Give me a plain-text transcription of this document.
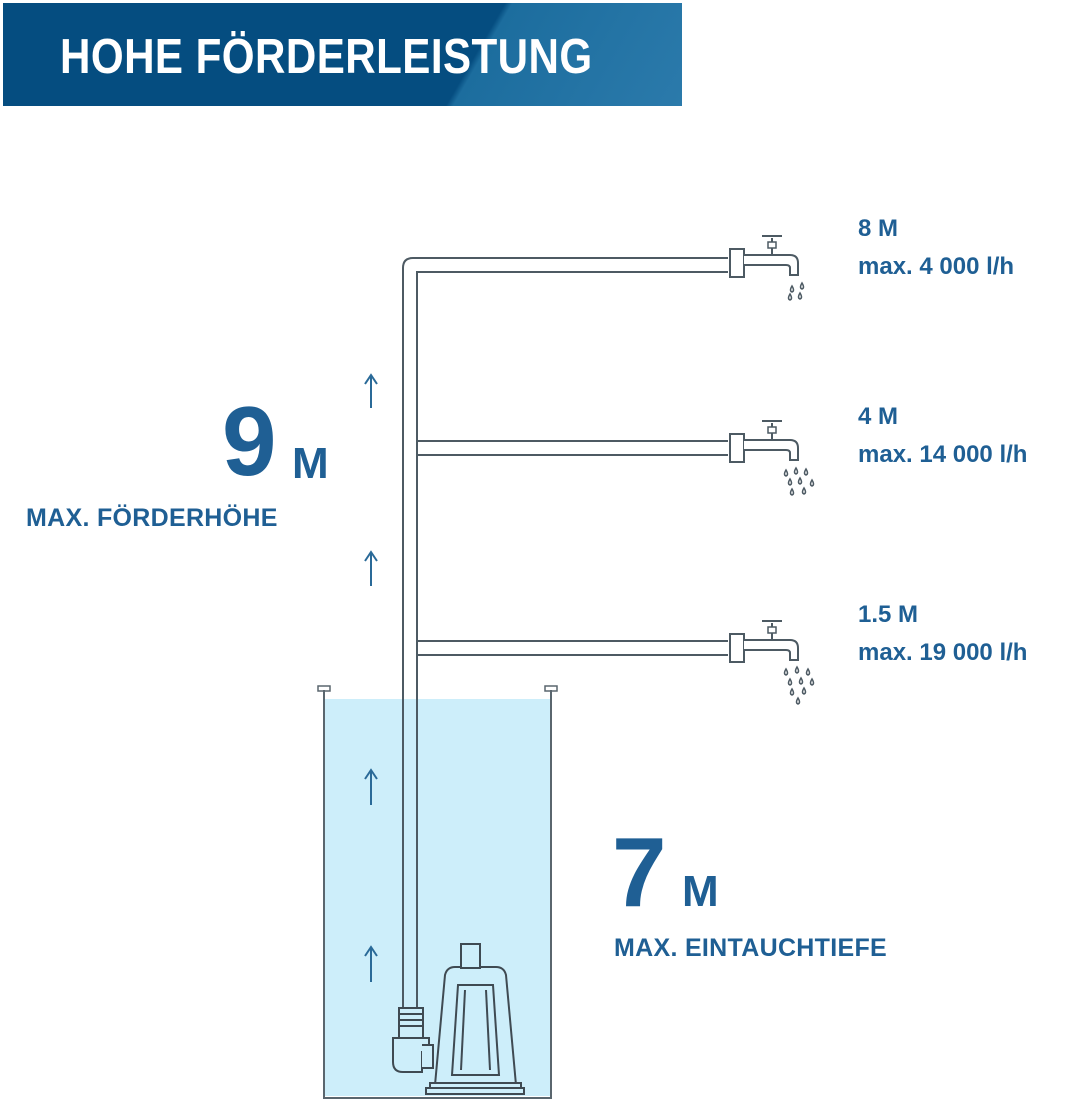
HOHE FÖRDERLEISTUNG
9 M
MAX. FÖRDERHÖHE
7 M
MAX. EINTAUCHTIEFE
8 M
max. 4 000 l/h
4 M
max. 14 000 l/h
1.5 M
max. 19 000 l/h
